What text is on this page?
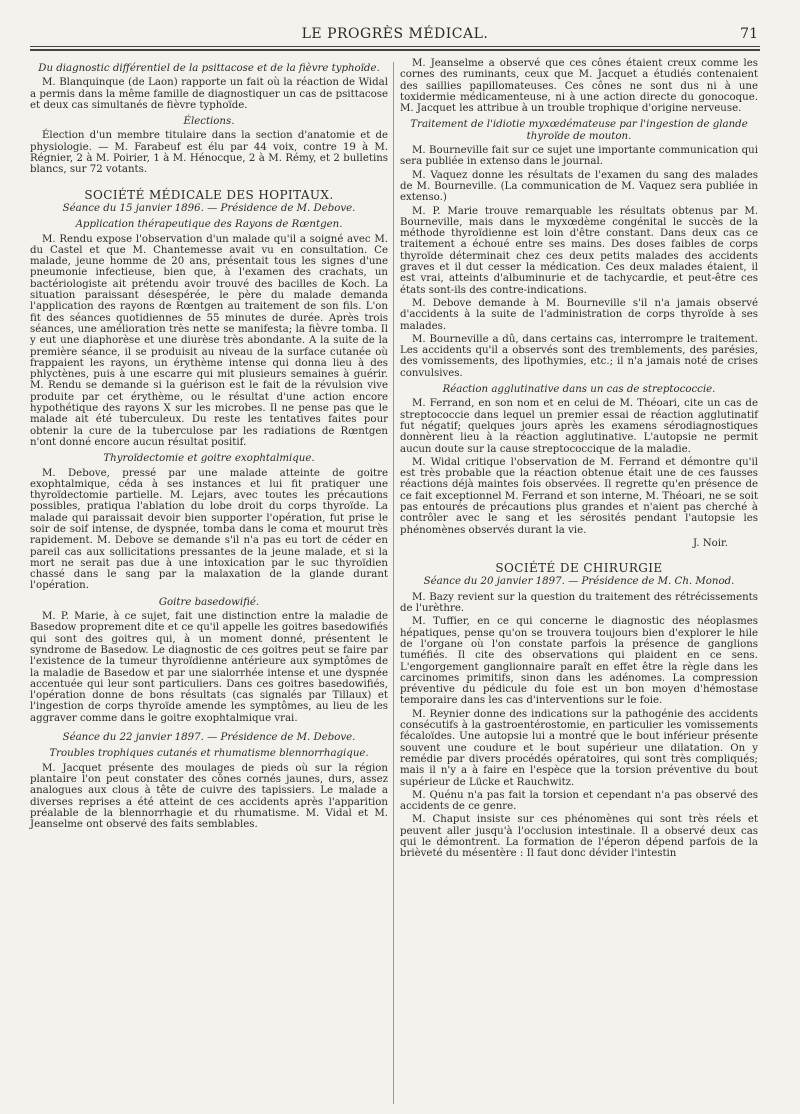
LE PROGRÈS MÉDICAL.	71

Du diagnostic différentiel de la psittacose et de la fièvre typhoïde.

M. Blanquinque (de Laon) rapporte un fait où la réaction de Widal a permis dans la même famille de diagnostiquer un cas de psittacose et deux cas simultanés de fièvre typhoïde.

Élections.

Élection d'un membre titulaire dans la section d'anatomie et de physiologie. — M. Farabeuf est élu par 44 voix, contre 19 à M. Régnier, 2 à M. Poirier, 1 à M. Hénocque, 2 à M. Rémy, et 2 bulletins blancs, sur 72 votants.

SOCIÉTÉ MÉDICALE DES HOPITAUX.

Séance du 15 janvier 1896. — Présidence de M. Debove.

Application thérapeutique des Rayons de Rœntgen.

M. Rendu expose l'observation d'un malade qu'il a soigné avec M. du Castel et que M. Chantemesse avait vu en consultation. Ce malade, jeune homme de 20 ans, présentait tous les signes d'une pneumonie infectieuse, bien que, à l'examen des crachats, un bactériologiste ait prétendu avoir trouvé des bacilles de Koch. La situation paraissant désespérée, le père du malade demanda l'application des rayons de Rœntgen au traitement de son fils. L'on fit des séances quotidiennes de 55 minutes de durée. Après trois séances, une amélioration très nette se manifesta; la fièvre tomba. Il y eut une diaphorèse et une diurèse très abondante. A la suite de la première séance, il se produisit au niveau de la surface cutanée où frappaient les rayons, un érythème intense qui donna lieu à des phlyctènes, puis à une escarre qui mit plusieurs semaines à guérir. M. Rendu se demande si la guérison est le fait de la révulsion vive produite par cet érythème, ou le résultat d'une action encore hypothétique des rayons X sur les microbes. Il ne pense pas que le malade ait été tuberculeux. Du reste les tentatives faites pour obtenir la cure de la tuberculose par les radiations de Rœntgen n'ont donné encore aucun résultat positif.

Thyroïdectomie et goitre exophtalmique.

M. Debove, pressé par une malade atteinte de goitre exophtalmique, céda à ses instances et lui fit pratiquer une thyroïdectomie partielle. M. Lejars, avec toutes les précautions possibles, pratiqua l'ablation du lobe droit du corps thyroïde. La malade qui paraissait devoir bien supporter l'opération, fut prise le soir de soif intense, de dyspnée, tomba dans le coma et mourut très rapidement. M. Debove se demande s'il n'a pas eu tort de céder en pareil cas aux sollicitations pressantes de la jeune malade, et si la mort ne serait pas due à une intoxication par le suc thyroïdien chassé dans le sang par la malaxation de la glande durant l'opération.

Goitre basedowifié.

M. P. Marie, à ce sujet, fait une distinction entre la maladie de Basedow proprement dite et ce qu'il appelle les goitres basedowifiés qui sont des goitres qui, à un moment donné, présentent le syndrome de Basedow. Le diagnostic de ces goitres peut se faire par l'existence de la tumeur thyroïdienne antérieure aux symptômes de la maladie de Basedow et par une sialorrhée intense et une dyspnée accentuée qui leur sont particuliers. Dans ces goitres basedowifiés, l'opération donne de bons résultats (cas signalés par Tillaux) et l'ingestion de corps thyroïde amende les symptômes, au lieu de les aggraver comme dans le goitre exophtalmique vrai.

Séance du 22 janvier 1897. — Présidence de M. Debove.

Troubles trophiques cutanés et rhumatisme blennorrhagique.

M. Jacquet présente des moulages de pieds où sur la région plantaire l'on peut constater des cônes cornés jaunes, durs, assez analogues aux clous à tête de cuivre des tapissiers. Le malade a diverses reprises a été atteint de ces accidents après l'apparition préalable de la blennorrhagie et du rhumatisme. M. Vidal et M. Jeanselme ont observé des faits semblables.

M. Jeanselme a observé que ces cônes étaient creux comme les cornes des ruminants, ceux que M. Jacquet a étudiés contenaient des saillies papillomateuses. Ces cônes ne sont dus ni à une toxidermie médicamenteuse, ni à une action directe du gonocoque. M. Jacquet les attribue à un trouble trophique d'origine nerveuse.

Traitement de l'idiotie myxœdémateuse par l'ingestion de glande thyroïde de mouton.

M. Bourneville fait sur ce sujet une importante communication qui sera publiée in extenso dans le journal.

M. Vaquez donne les résultats de l'examen du sang des malades de M. Bourneville. (La communication de M. Vaquez sera publiée in extenso.)

M. P. Marie trouve remarquable les résultats obtenus par M. Bourneville, mais dans le myxœdème congénital le succès de la méthode thyroïdienne est loin d'être constant. Dans deux cas ce traitement a échoué entre ses mains. Des doses faibles de corps thyroïde déterminait chez ces deux petits malades des accidents graves et il dut cesser la médication. Ces deux malades étaient, il est vrai, atteints d'albuminurie et de tachycardie, et peut-être ces états sont-ils des contre-indications.

M. Debove demande à M. Bourneville s'il n'a jamais observé d'accidents à la suite de l'administration de corps thyroïde à ses malades.

M. Bourneville a dû, dans certains cas, interrompre le traitement. Les accidents qu'il a observés sont des tremblements, des parésies, des vomissements, des lipothymies, etc.; il n'a jamais noté de crises convulsives.

Réaction agglutinative dans un cas de streptococcie.

M. Ferrand, en son nom et en celui de M. Théoari, cite un cas de streptococcie dans lequel un premier essai de réaction agglutinatif fut négatif; quelques jours après les examens sérodiagnostiques donnèrent lieu à la réaction agglutinative. L'autopsie ne permit aucun doute sur la cause streptococcique de la maladie.

M. Widal critique l'observation de M. Ferrand et démontre qu'il est très probable que la réaction obtenue était une de ces fausses réactions déjà maintes fois observées. Il regrette qu'en présence de ce fait exceptionnel M. Ferrand et son interne, M. Théoari, ne se soit pas entourés de précautions plus grandes et n'aient pas cherché à contrôler avec le sang et les sérosités pendant l'autopsie les phénomènes observés durant la vie.

J. Noir.

SOCIÉTÉ DE CHIRURGIE

Séance du 20 janvier 1897. — Présidence de M. Ch. Monod.

M. Bazy revient sur la question du traitement des rétrécissements de l'urèthre.

M. Tuffier, en ce qui concerne le diagnostic des néoplasmes hépatiques, pense qu'on se trouvera toujours bien d'explorer le hile de l'organe où l'on constate parfois la présence de ganglions tuméfiés. Il cite des observations qui plaident en ce sens. L'engorgement ganglionnaire paraît en effet être la règle dans les carcinomes primitifs, sinon dans les adénomes. La compression préventive du pédicule du foie est un bon moyen d'hémostase temporaire dans les cas d'interventions sur le foie.

M. Reynier donne des indications sur la pathogénie des accidents consécutifs à la gastroentérostomie, en particulier les vomissements fécaloïdes. Une autopsie lui a montré que le bout inférieur présente souvent une coudure et le bout supérieur une dilatation. On y remédie par divers procédés opératoires, qui sont très compliqués; mais il n'y a à faire en l'espèce que la torsion préventive du bout supérieur de Lücke et Rauchwitz.

M. Quénu n'a pas fait la torsion et cependant n'a pas observé des accidents de ce genre.

M. Chaput insiste sur ces phénomènes qui sont très réels et peuvent aller jusqu'à l'occlusion intestinale. Il a observé deux cas qui le démontrent. La formation de l'éperon dépend parfois de la brièveté du mésentère : Il faut donc dévider l'intestin
